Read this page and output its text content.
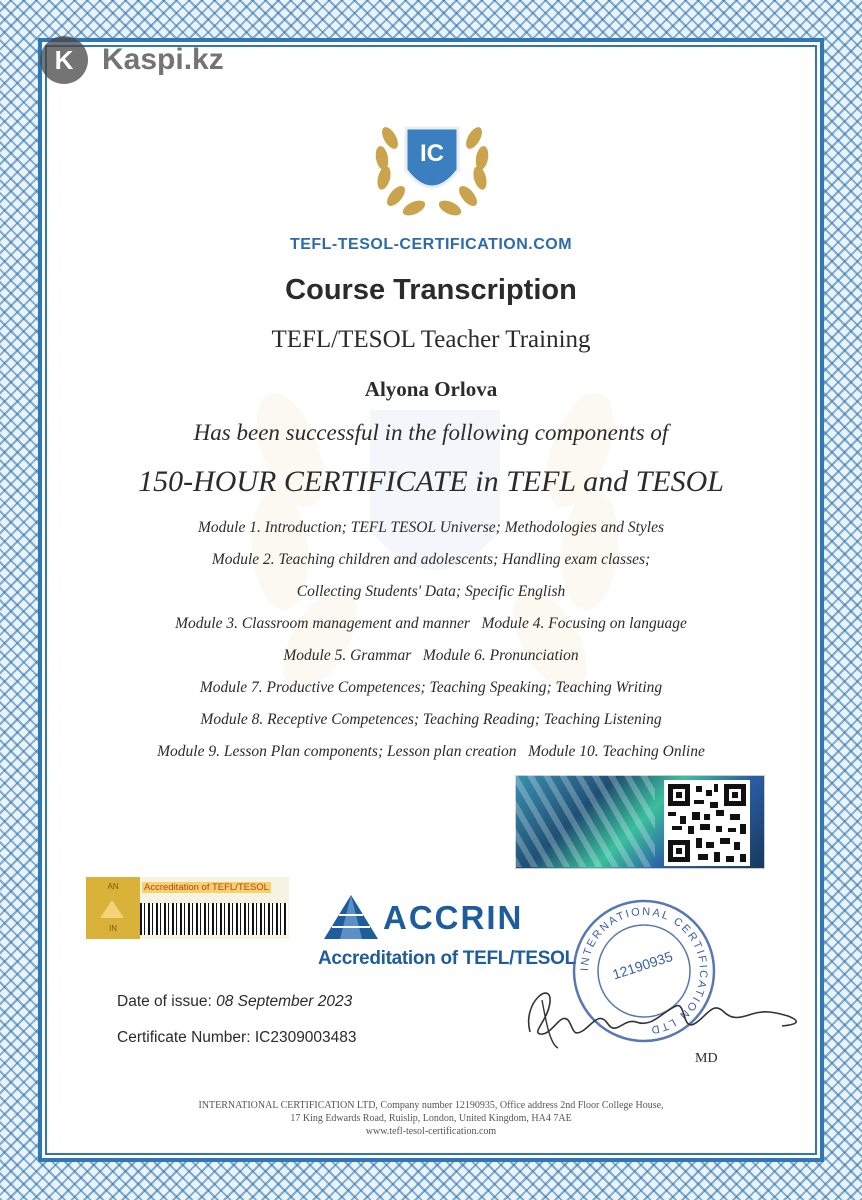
K Kaspi.kz
IC
TEFL-TESOL-CERTIFICATION.COM
Course Transcription
TEFL/TESOL Teacher Training
Alyona Orlova
Has been successful in the following components of
150-HOUR CERTIFICATE in TEFL and TESOL
Module 1. Introduction; TEFL TESOL Universe; Methodologies and Styles
Module 2. Teaching children and adolescents; Handling exam classes;
Collecting Students' Data; Specific English
Module 3. Classroom management and manner   Module 4. Focusing on language
Module 5. Grammar   Module 6. Pronunciation
Module 7. Productive Competences; Teaching Speaking; Teaching Writing
Module 8. Receptive Competences; Teaching Reading; Teaching Listening
Module 9. Lesson Plan components; Lesson plan creation   Module 10. Teaching Online
AN
IN
Accreditation of TEFL/TESOL
ACCRIN
Accreditation of TEFL/TESOL
Date of issue: 08 September 2023
Certificate Number: IC2309003483
INTERNATIONAL CERTIFICATION LTD
12190935
MD
INTERNATIONAL CERTIFICATION LTD, Company number 12190935, Office address 2nd Floor College House,
17 King Edwards Road, Ruislip, London, United Kingdom, HA4 7AE
www.tefl-tesol-certification.com
